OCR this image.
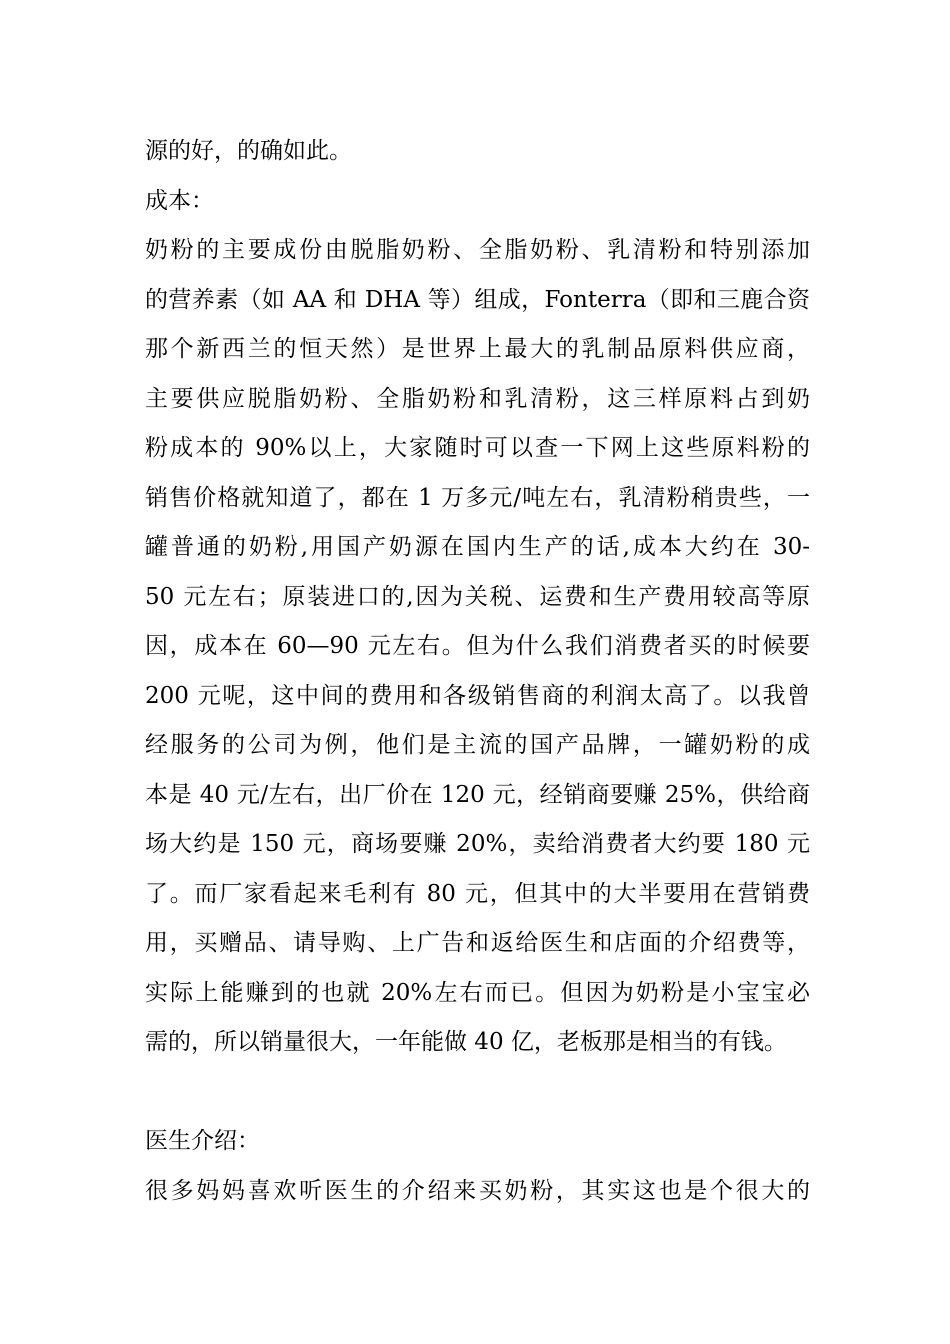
源的好，的确如此。
成本：
奶粉的主要成份由脱脂奶粉、全脂奶粉、乳清粉和特别添加
的营养素（如 AA 和 DHA 等）组成，Fonterra（即和三鹿合资
那个新西兰的恒天然）是世界上最大的乳制品原料供应商，
主要供应脱脂奶粉、全脂奶粉和乳清粉，这三样原料占到奶
粉成本的 90%以上，大家随时可以查一下网上这些原料粉的
销售价格就知道了，都在 1 万多元/吨左右，乳清粉稍贵些，一
罐普通的奶粉,用国产奶源在国内生产的话,成本大约在 30-
50 元左右；原装进口的,因为关税、运费和生产费用较高等原
因，成本在 60—90 元左右。但为什么我们消费者买的时候要
200 元呢，这中间的费用和各级销售商的利润太高了。以我曾
经服务的公司为例，他们是主流的国产品牌，一罐奶粉的成
本是 40 元/左右，出厂价在 120 元，经销商要赚 25%，供给商
场大约是 150 元，商场要赚 20%，卖给消费者大约要 180 元
了。而厂家看起来毛利有 80 元，但其中的大半要用在营销费
用，买赠品、请导购、上广告和返给医生和店面的介绍费等，
实际上能赚到的也就 20%左右而已。但因为奶粉是小宝宝必
需的，所以销量很大，一年能做 40 亿，老板那是相当的有钱。
医生介绍：
很多妈妈喜欢听医生的介绍来买奶粉，其实这也是个很大的
